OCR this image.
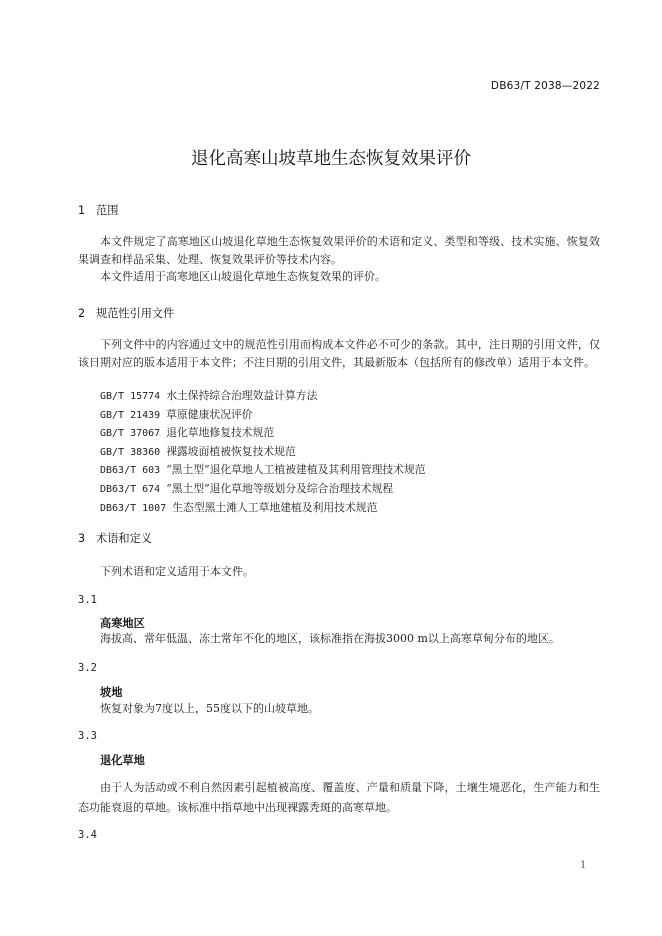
DB63/T 2038—2022
退化高寒山坡草地生态恢复效果评价
1 范围
本文件规定了高寒地区山坡退化草地生态恢复效果评价的术语和定义、类型和等级、技术实施、恢复效果调查和样品采集、处理、恢复效果评价等技术内容。
本文件适用于高寒地区山坡退化草地生态恢复效果的评价。
2 规范性引用文件
下列文件中的内容通过文中的规范性引用而构成本文件必不可少的条款。其中，注日期的引用文件，仅该日期对应的版本适用于本文件；不注日期的引用文件，其最新版本（包括所有的修改单）适用于本文件。
GB/T 15774 水土保持综合治理效益计算方法
GB/T 21439 草原健康状况评价
GB/T 37067 退化草地修复技术规范
GB/T 38360 裸露坡面植被恢复技术规范
DB63/T 603 “黑土型”退化草地人工植被建植及其利用管理技术规范
DB63/T 674 “黑土型”退化草地等级划分及综合治理技术规程
DB63/T 1007 生态型黑土滩人工草地建植及利用技术规范
3 术语和定义
下列术语和定义适用于本文件。
3.1
高寒地区
海拔高、常年低温、冻土常年不化的地区，该标准指在海拔3000 m以上高寒草甸分布的地区。
3.2
坡地
恢复对象为7度以上，55度以下的山坡草地。
3.3
退化草地
由于人为活动或不利自然因素引起植被高度、覆盖度、产量和质量下降，土壤生境恶化，生产能力和生态功能衰退的草地。该标准中指草地中出现裸露秃斑的高寒草地。
3.4
1
